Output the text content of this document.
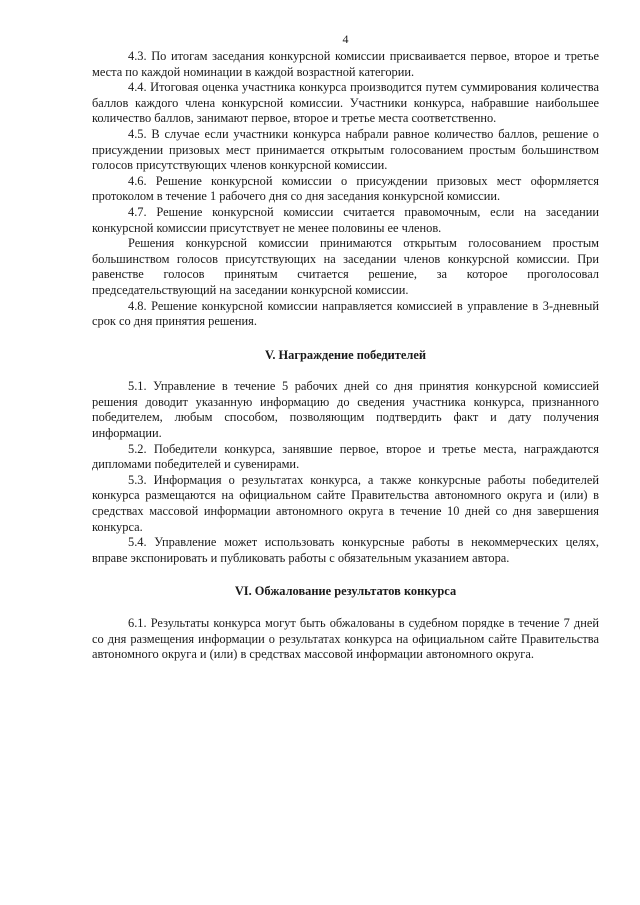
4

4.3. По итогам заседания конкурсной комиссии присваивается первое, второе и третье места по каждой номинации в каждой возрастной категории.

4.4. Итоговая оценка участника конкурса производится путем суммирования количества баллов каждого члена конкурсной комиссии. Участники конкурса, набравшие наибольшее количество баллов, занимают первое, второе и третье места соответственно.

4.5. В случае если участники конкурса набрали равное количество баллов, решение о присуждении призовых мест принимается открытым голосованием простым большинством голосов присутствующих членов конкурсной комиссии.

4.6. Решение конкурсной комиссии о присуждении призовых мест оформляется протоколом в течение 1 рабочего дня со дня заседания конкурсной комиссии.

4.7. Решение конкурсной комиссии считается правомочным, если на заседании конкурсной комиссии присутствует не менее половины ее членов.

Решения конкурсной комиссии принимаются открытым голосованием простым большинством голосов присутствующих на заседании членов конкурсной комиссии. При равенстве голосов принятым считается решение, за которое проголосовал председательствующий на заседании конкурсной комиссии.

4.8. Решение конкурсной комиссии направляется комиссией в управление в 3-дневный срок со дня принятия решения.

V. Награждение победителей

5.1. Управление в течение 5 рабочих дней со дня принятия конкурсной комиссией решения доводит указанную информацию до сведения участника конкурса, признанного победителем, любым способом, позволяющим подтвердить факт и дату получения информации.

5.2. Победители конкурса, занявшие первое, второе и третье места, награждаются дипломами победителей и сувенирами.

5.3. Информация о результатах конкурса, а также конкурсные работы победителей конкурса размещаются на официальном сайте Правительства автономного округа и (или) в средствах массовой информации автономного округа в течение 10 дней со дня завершения конкурса.

5.4. Управление может использовать конкурсные работы в некоммерческих целях, вправе экспонировать и публиковать работы с обязательным указанием автора.

VI. Обжалование результатов конкурса

6.1. Результаты конкурса могут быть обжалованы в судебном порядке в течение 7 дней со дня размещения информации о результатах конкурса на официальном сайте Правительства автономного округа и (или) в средствах массовой информации автономного округа.
